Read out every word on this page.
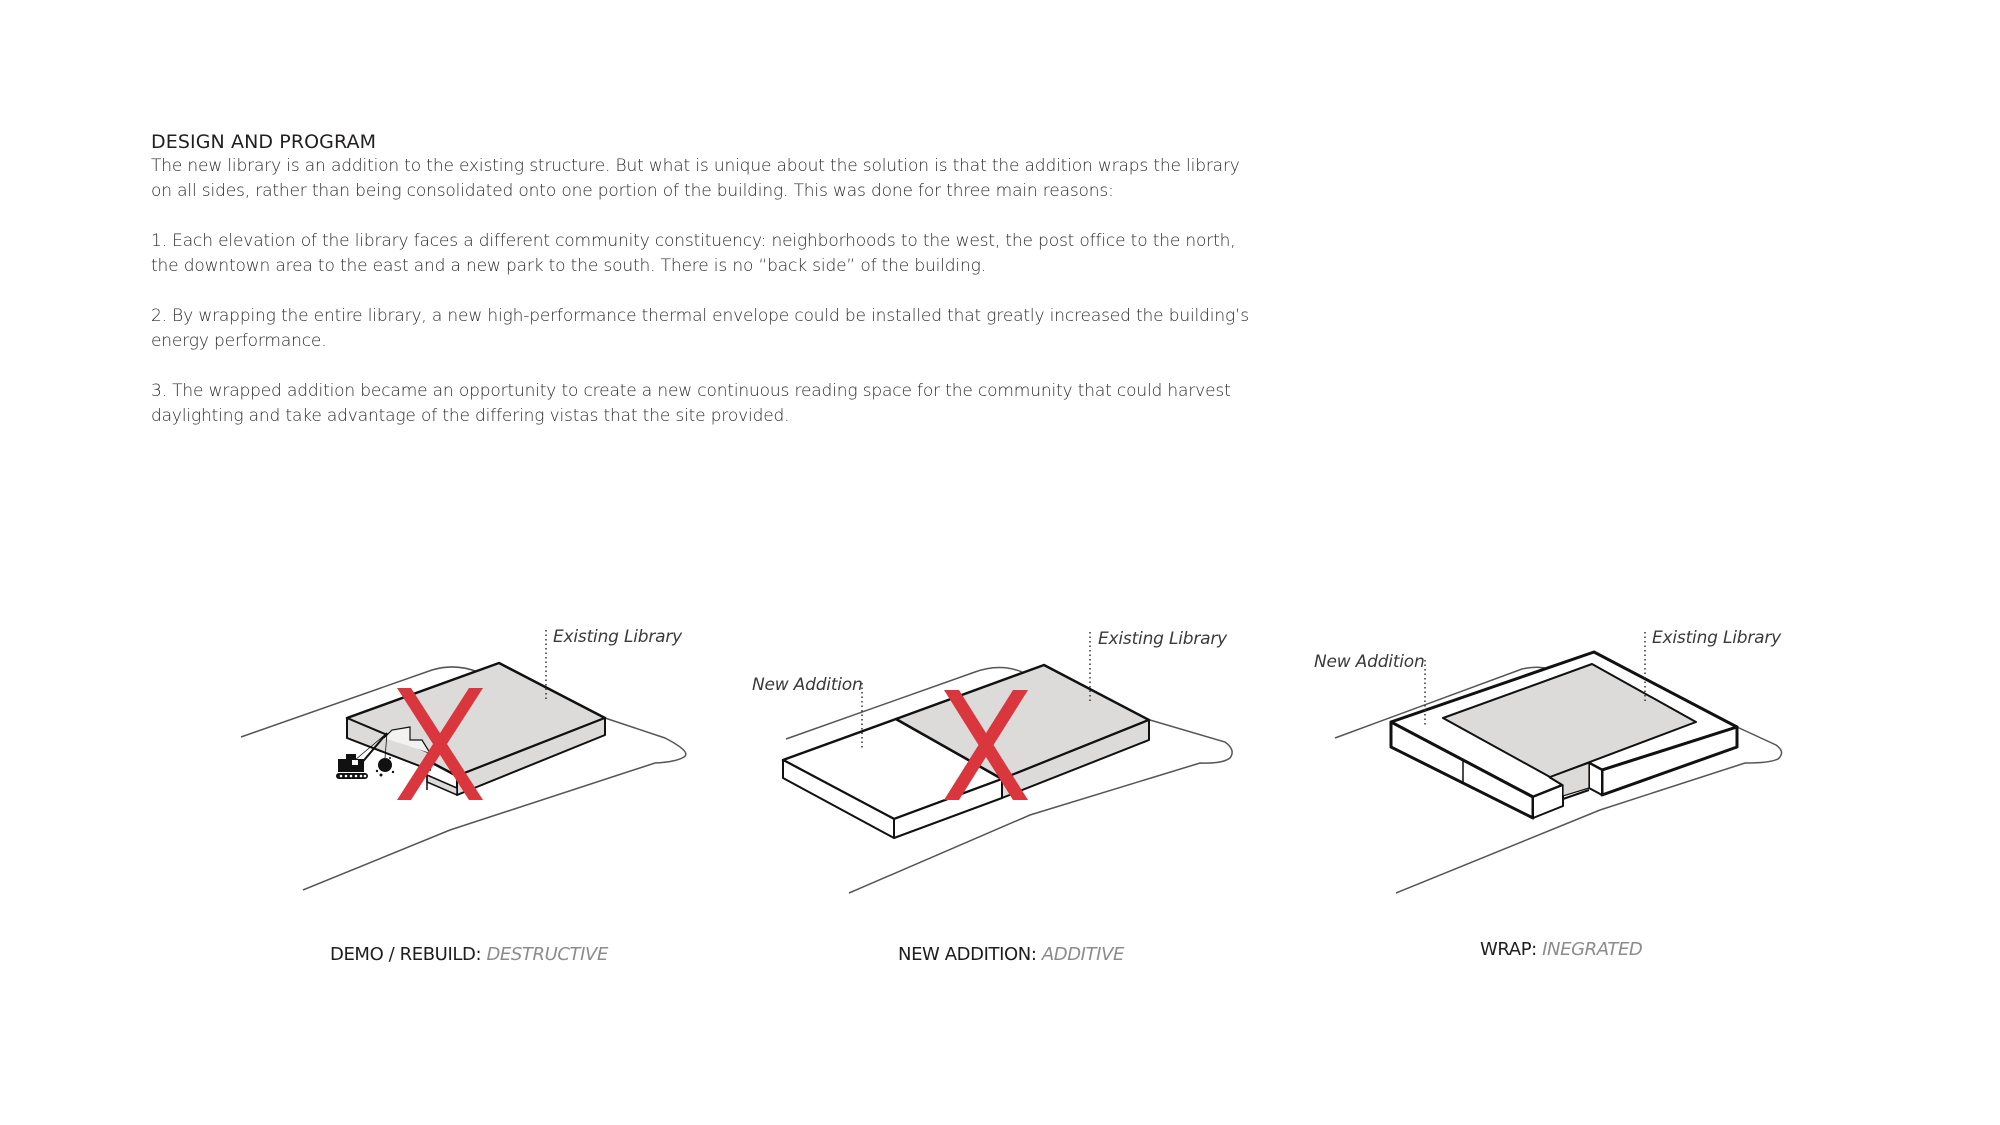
DESIGN AND PROGRAM

The new library is an addition to the existing structure. But what is unique about the solution is that the addition wraps the library

on all sides, rather than being consolidated onto one portion of the building. This was done for three main reasons:

1. Each elevation of the library faces a different community constituency: neighborhoods to the west, the post office to the north,

the downtown area to the east and a new park to the south. There is no “back side” of the building.

2. By wrapping the entire library, a new high-performance thermal envelope could be installed that greatly increased the building’s

energy performance.

3. The wrapped addition became an opportunity to create a new continuous reading space for the community that could harvest

daylighting and take advantage of the differing vistas that the site provided.

Existing Library
New Addition
Existing Library
New Addition
Existing Library
DEMO / REBUILD: DESTRUCTIVE	NEW ADDITION: ADDITIVE	WRAP: INEGRATED
